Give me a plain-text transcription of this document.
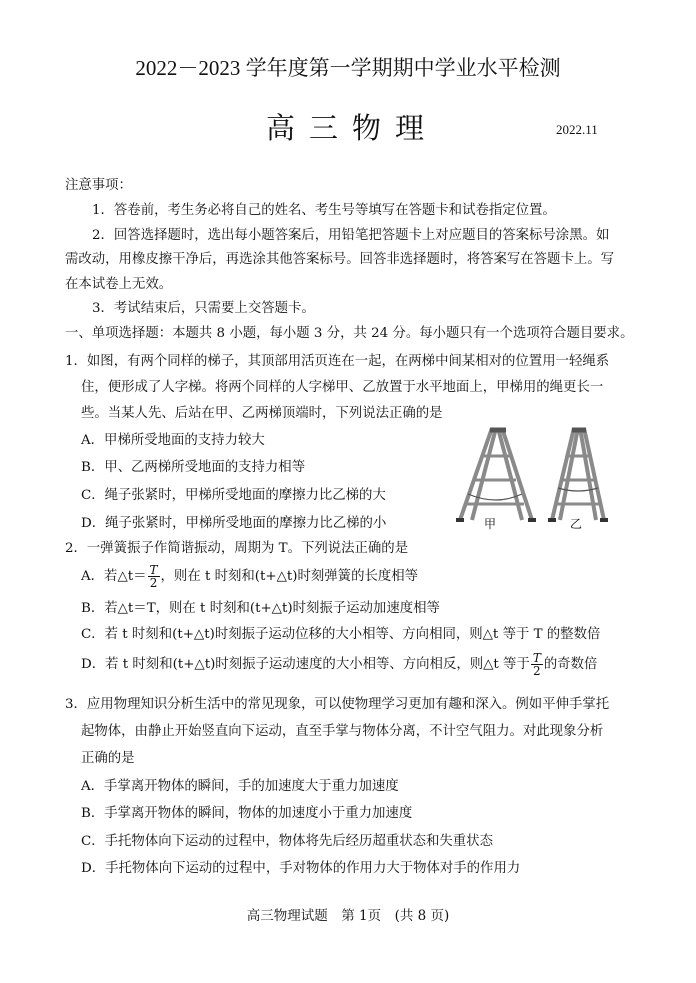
2022－2023 学年度第一学期期中学业水平检测
高三物理	2022.11
注意事项：
1．答卷前，考生务必将自己的姓名、考生号等填写在答题卡和试卷指定位置。
2．回答选择题时，选出每小题答案后，用铅笔把答题卡上对应题目的答案标号涂黑。如
需改动，用橡皮擦干净后，再选涂其他答案标号。回答非选择题时，将答案写在答题卡上。写
在本试卷上无效。
3．考试结束后，只需要上交答题卡。
一、单项选择题：本题共 8 小题，每小题 3 分，共 24 分。每小题只有一个选项符合题目要求。
1．如图，有两个同样的梯子，其顶部用活页连在一起，在两梯中间某相对的位置用一轻绳系
住，便形成了人字梯。将两个同样的人字梯甲、乙放置于水平地面上，甲梯用的绳更长一
些。当某人先、后站在甲、乙两梯顶端时，下列说法正确的是
A．甲梯所受地面的支持力较大
B．甲、乙两梯所受地面的支持力相等
C．绳子张紧时，甲梯所受地面的摩擦力比乙梯的大
D．绳子张紧时，甲梯所受地面的摩擦力比乙梯的小	甲	乙
2．一弹簧振子作简谐振动，周期为 T。下列说法正确的是
A．若△t＝ $\frac{T}{2}$ ，则在 t 时刻和(t+△t)时刻弹簧的长度相等
B．若△t＝T，则在 t 时刻和(t+△t)时刻振子运动加速度相等
C．若 t 时刻和(t+△t)时刻振子运动位移的大小相等、方向相同，则△t 等于 T 的整数倍
D．若 t 时刻和(t+△t)时刻振子运动速度的大小相等、方向相反，则△t 等于 $\frac{T}{2}$ 的奇数倍
3．应用物理知识分析生活中的常见现象，可以使物理学习更加有趣和深入。例如平伸手掌托
起物体，由静止开始竖直向下运动，直至手掌与物体分离，不计空气阻力。对此现象分析
正确的是
A．手掌离开物体的瞬间，手的加速度大于重力加速度
B．手掌离开物体的瞬间，物体的加速度小于重力加速度
C．手托物体向下运动的过程中，物体将先后经历超重状态和失重状态
D．手托物体向下运动的过程中，手对物体的作用力大于物体对手的作用力
高三物理试题　第 1页　(共 8 页)
